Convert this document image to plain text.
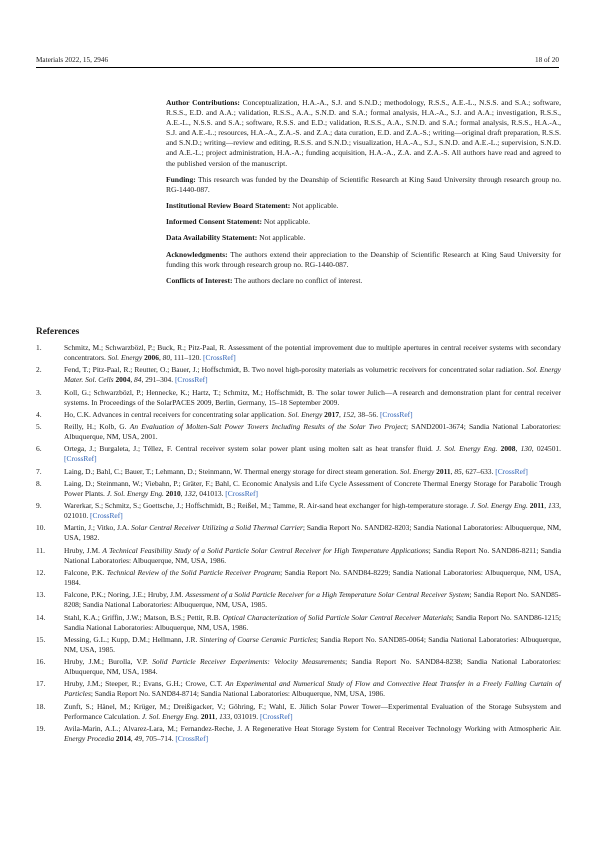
Materials 2022, 15, 2946	18 of 20

Author Contributions: Conceptualization, H.A.-A., S.J. and S.N.D.; methodology, R.S.S., A.E.-L., N.S.S. and S.A.; software, R.S.S., E.D. and A.A.; validation, R.S.S., A.A., S.N.D. and S.A.; formal analysis, H.A.-A., S.J. and A.A.; investigation, R.S.S., A.E.-L., N.S.S. and S.A.; software, R.S.S. and E.D.; validation, R.S.S., A.A., S.N.D. and S.A.; formal analysis, R.S.S., H.A.-A., S.J. and A.E.-L.; resources, H.A.-A., Z.A.-S. and Z.A.; data curation, E.D. and Z.A.-S.; writing—original draft preparation, R.S.S. and S.N.D.; writing—review and editing, R.S.S. and S.N.D.; visualization, H.A.-A., S.J., S.N.D. and A.E.-L.; supervision, S.N.D. and A.E.-L.; project administration, H.A.-A.; funding acquisition, H.A.-A., Z.A. and Z.A.-S. All authors have read and agreed to the published version of the manuscript.

Funding: This research was funded by the Deanship of Scientific Research at King Saud University through research group no. RG-1440-087.

Institutional Review Board Statement: Not applicable.

Informed Consent Statement: Not applicable.

Data Availability Statement: Not applicable.

Acknowledgments: The authors extend their appreciation to the Deanship of Scientific Research at King Saud University for funding this work through research group no. RG-1440-087.

Conflicts of Interest: The authors declare no conflict of interest.

References
1.	Schmitz, M.; Schwarzbözl, P.; Buck, R.; Pitz-Paal, R. Assessment of the potential improvement due to multiple apertures in central receiver systems with secondary concentrators. Sol. Energy 2006, 80, 111–120. [CrossRef]
2.	Fend, T.; Pitz-Paal, R.; Reutter, O.; Bauer, J.; Hoffschmidt, B. Two novel high-porosity materials as volumetric receivers for concentrated solar radiation. Sol. Energy Mater. Sol. Cells 2004, 84, 291–304. [CrossRef]
3.	Koll, G.; Schwarzbözl, P.; Hennecke, K.; Hartz, T.; Schmitz, M.; Hoffschmidt, B. The solar tower Julich—A research and demonstration plant for central receiver systems. In Proceedings of the SolarPACES 2009, Berlin, Germany, 15–18 September 2009.
4.	Ho, C.K. Advances in central receivers for concentrating solar application. Sol. Energy 2017, 152, 38–56. [CrossRef]
5.	Reilly, H.; Kolb, G. An Evaluation of Molten-Salt Power Towers Including Results of the Solar Two Project; SAND2001-3674; Sandia National Laboratories: Albuquerque, NM, USA, 2001.
6.	Ortega, J.; Burgaleta, J.; Téllez, F. Central receiver system solar power plant using molten salt as heat transfer fluid. J. Sol. Energy Eng. 2008, 130, 024501. [CrossRef]
7.	Laing, D.; Bahl, C.; Bauer, T.; Lehmann, D.; Steinmann, W. Thermal energy storage for direct steam generation. Sol. Energy 2011, 85, 627–633. [CrossRef]
8.	Laing, D.; Steinmann, W.; Viebahn, P.; Gräter, F.; Bahl, C. Economic Analysis and Life Cycle Assessment of Concrete Thermal Energy Storage for Parabolic Trough Power Plants. J. Sol. Energy Eng. 2010, 132, 041013. [CrossRef]
9.	Warerkar, S.; Schmitz, S.; Goettsche, J.; Hoffschmidt, B.; Reißel, M.; Tamme, R. Air-sand heat exchanger for high-temperature storage. J. Sol. Energy Eng. 2011, 133, 021010. [CrossRef]
10.	Martin, J.; Vitko, J.A. Solar Central Receiver Utilizing a Solid Thermal Carrier; Sandia Report No. SAND82-8203; Sandia National Laboratories: Albuquerque, NM, USA, 1982.
11.	Hruby, J.M. A Technical Feasibility Study of a Solid Particle Solar Central Receiver for High Temperature Applications; Sandia Report No. SAND86-8211; Sandia National Laboratories: Albuquerque, NM, USA, 1986.
12.	Falcone, P.K. Technical Review of the Solid Particle Receiver Program; Sandia Report No. SAND84-8229; Sandia National Laboratories: Albuquerque, NM, USA, 1984.
13.	Falcone, P.K.; Noring, J.E.; Hruby, J.M. Assessment of a Solid Particle Receiver for a High Temperature Solar Central Receiver System; Sandia Report No. SAND85-8208; Sandia National Laboratories: Albuquerque, NM, USA, 1985.
14.	Stahl, K.A.; Griffin, J.W.; Matson, B.S.; Pettit, R.B. Optical Characterization of Solid Particle Solar Central Receiver Materials; Sandia Report No. SAND86-1215; Sandia National Laboratories: Albuquerque, NM, USA, 1986.
15.	Messing, G.L.; Kupp, D.M.; Hellmann, J.R. Sintering of Coarse Ceramic Particles; Sandia Report No. SAND85-0064; Sandia National Laboratories: Albuquerque, NM, USA, 1985.
16.	Hruby, J.M.; Burolla, V.P. Solid Particle Receiver Experiments: Velocity Measurements; Sandia Report No. SAND84-8238; Sandia National Laboratories: Albuquerque, NM, USA, 1984.
17.	Hruby, J.M.; Steeper, R.; Evans, G.H.; Crowe, C.T. An Experimental and Numerical Study of Flow and Convective Heat Transfer in a Freely Falling Curtain of Particles; Sandia Report No. SAND84-8714; Sandia National Laboratories: Albuquerque, NM, USA, 1986.
18.	Zunft, S.; Hänel, M.; Krüger, M.; Dreißigacker, V.; Göhring, F.; Wahl, E. Jülich Solar Power Tower—Experimental Evaluation of the Storage Subsystem and Performance Calculation. J. Sol. Energy Eng. 2011, 133, 031019. [CrossRef]
19.	Avila-Marin, A.L.; Alvarez-Lara, M.; Fernandez-Reche, J. A Regenerative Heat Storage System for Central Receiver Technology Working with Atmospheric Air. Energy Procedia 2014, 49, 705–714. [CrossRef]
